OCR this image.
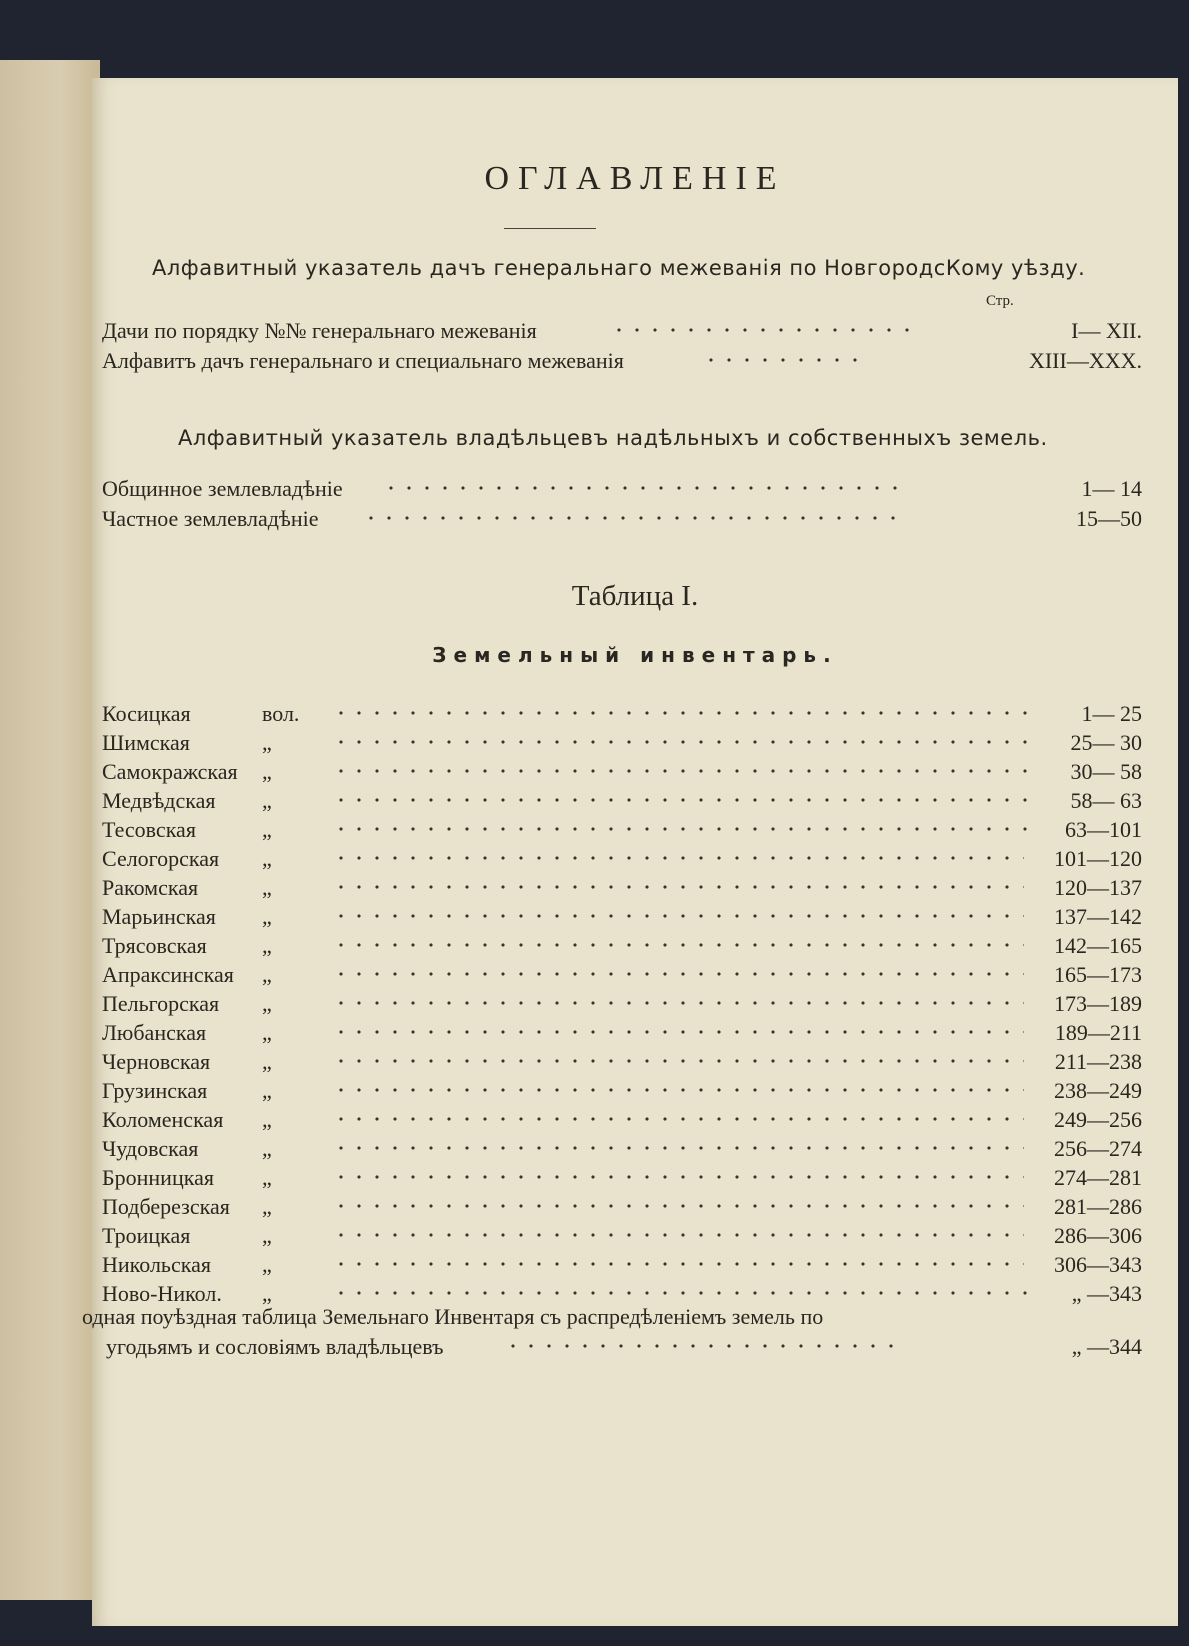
ОГЛАВЛЕНІЕ
Алфавитный указатель дачъ генеральнаго межеванія по НовгородсКому уѣзду.
Стр.
Дачи по порядку №№ генеральнаго межеванія	I— XII.
Алфавитъ дачъ генеральнаго и специальнаго межеванія	XIII—XXX.
Алфавитный указатель владѣльцевъ надѣльныхъ и собственныхъ земель.
Общинное землевладѣніе	1— 14
Частное землевладѣніе	15—50
Таблица I.
Земельный инвентарь.
Косицкая	вол.	1— 25
Шимская	„	25— 30
Самокражская „	30— 58
Медвѣдская „	58— 63
Тесовская	„	63—101
Селогорская „	101—120
Ракомская	„	120—137
Марьинская „	137—142
Трясовская	„	142—165
Апраксинская „	165—173
Пельгорская „	173—189
Любанская	„	189—211
Черновская „	211—238
Грузинская „	238—249
Коломенская „	249—256
Чудовская	„	256—274
Бронницкая „	274—281
Подберезская „	281—286
Троицкая	„	286—306
Никольская „	306—343
Ново-Никол. „	„ —343
одная поуѣздная таблица Земельнаго Инвентаря съ распредѣленіемъ земель по
угодьямъ и сословіямъ владѣльцевъ	„ —344
